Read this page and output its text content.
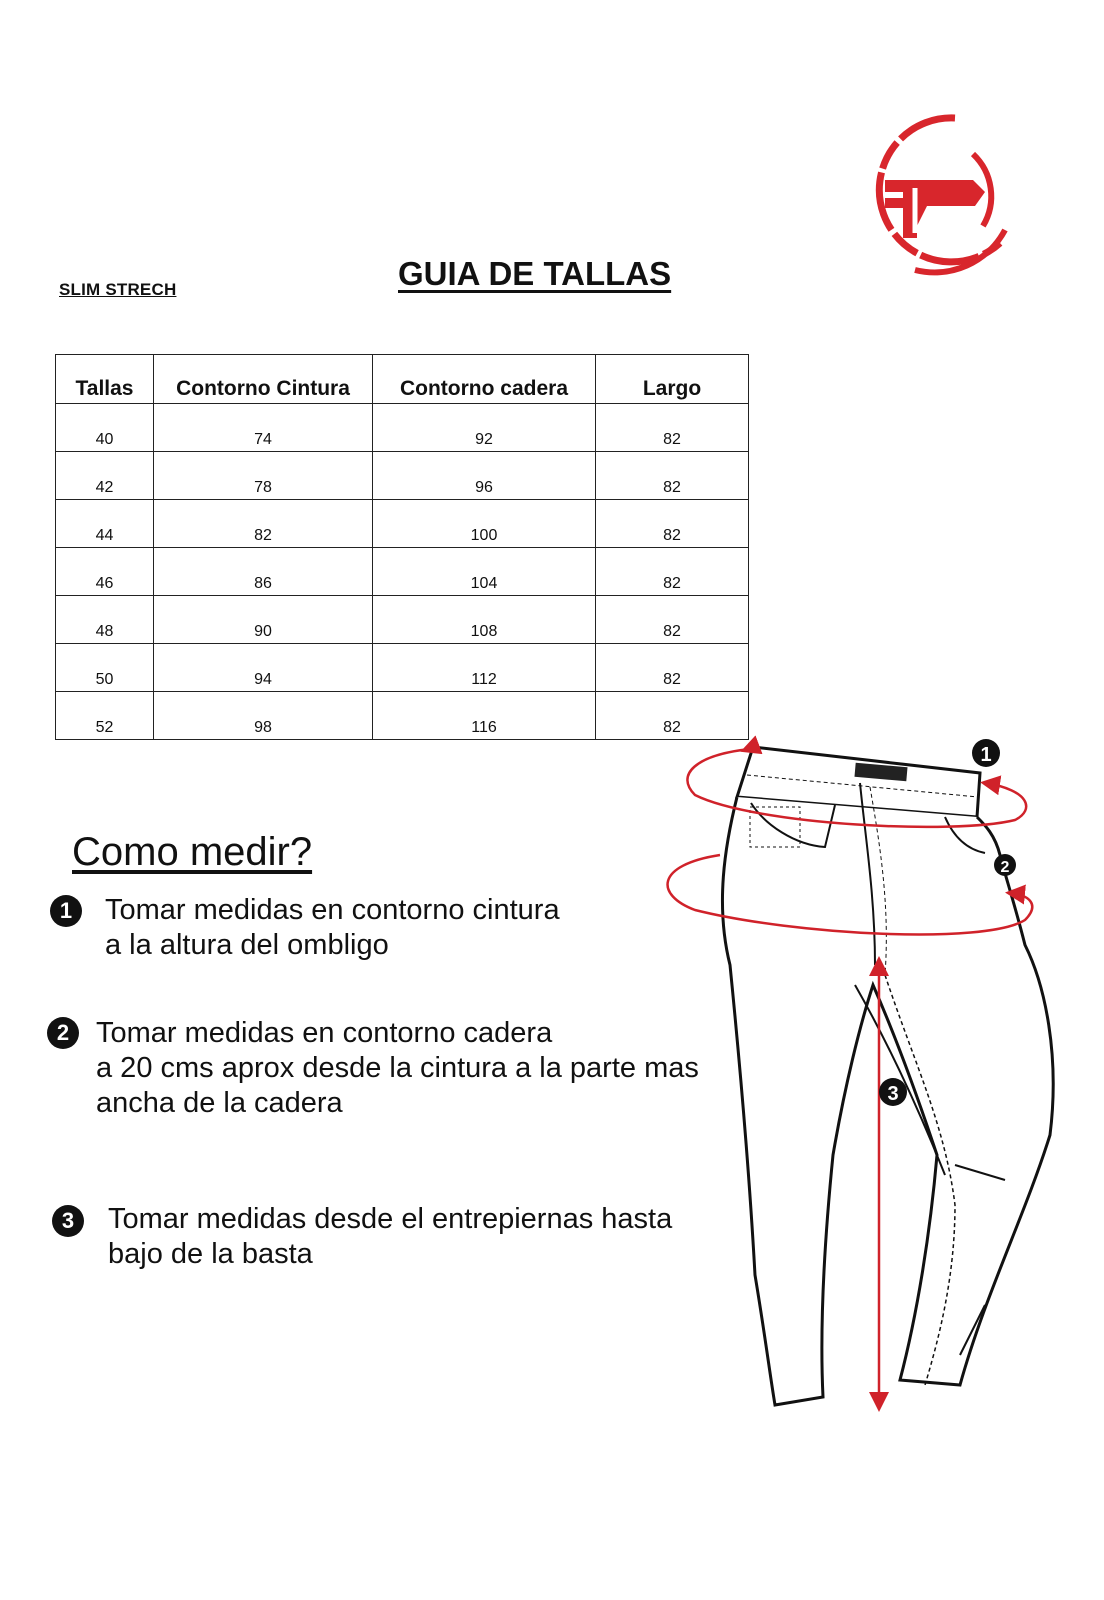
SLIM STRECH	GUIA DE TALLAS
Tallas	Contorno Cintura	Contorno cadera	Largo
40	74	92	82
42	78	96	82
44	82	100	82
46	86	104	82
48	90	108	82
50	94	112	82
52	98	116	82
Como medir?
1	Tomar medidas en contorno cintura
a la altura del ombligo
2 Tomar medidas en contorno cadera
a 20 cms aprox desde la cintura a la parte mas
ancha de la cadera
3	Tomar medidas desde el entrepiernas hasta
bajo de la basta
1
2
3
